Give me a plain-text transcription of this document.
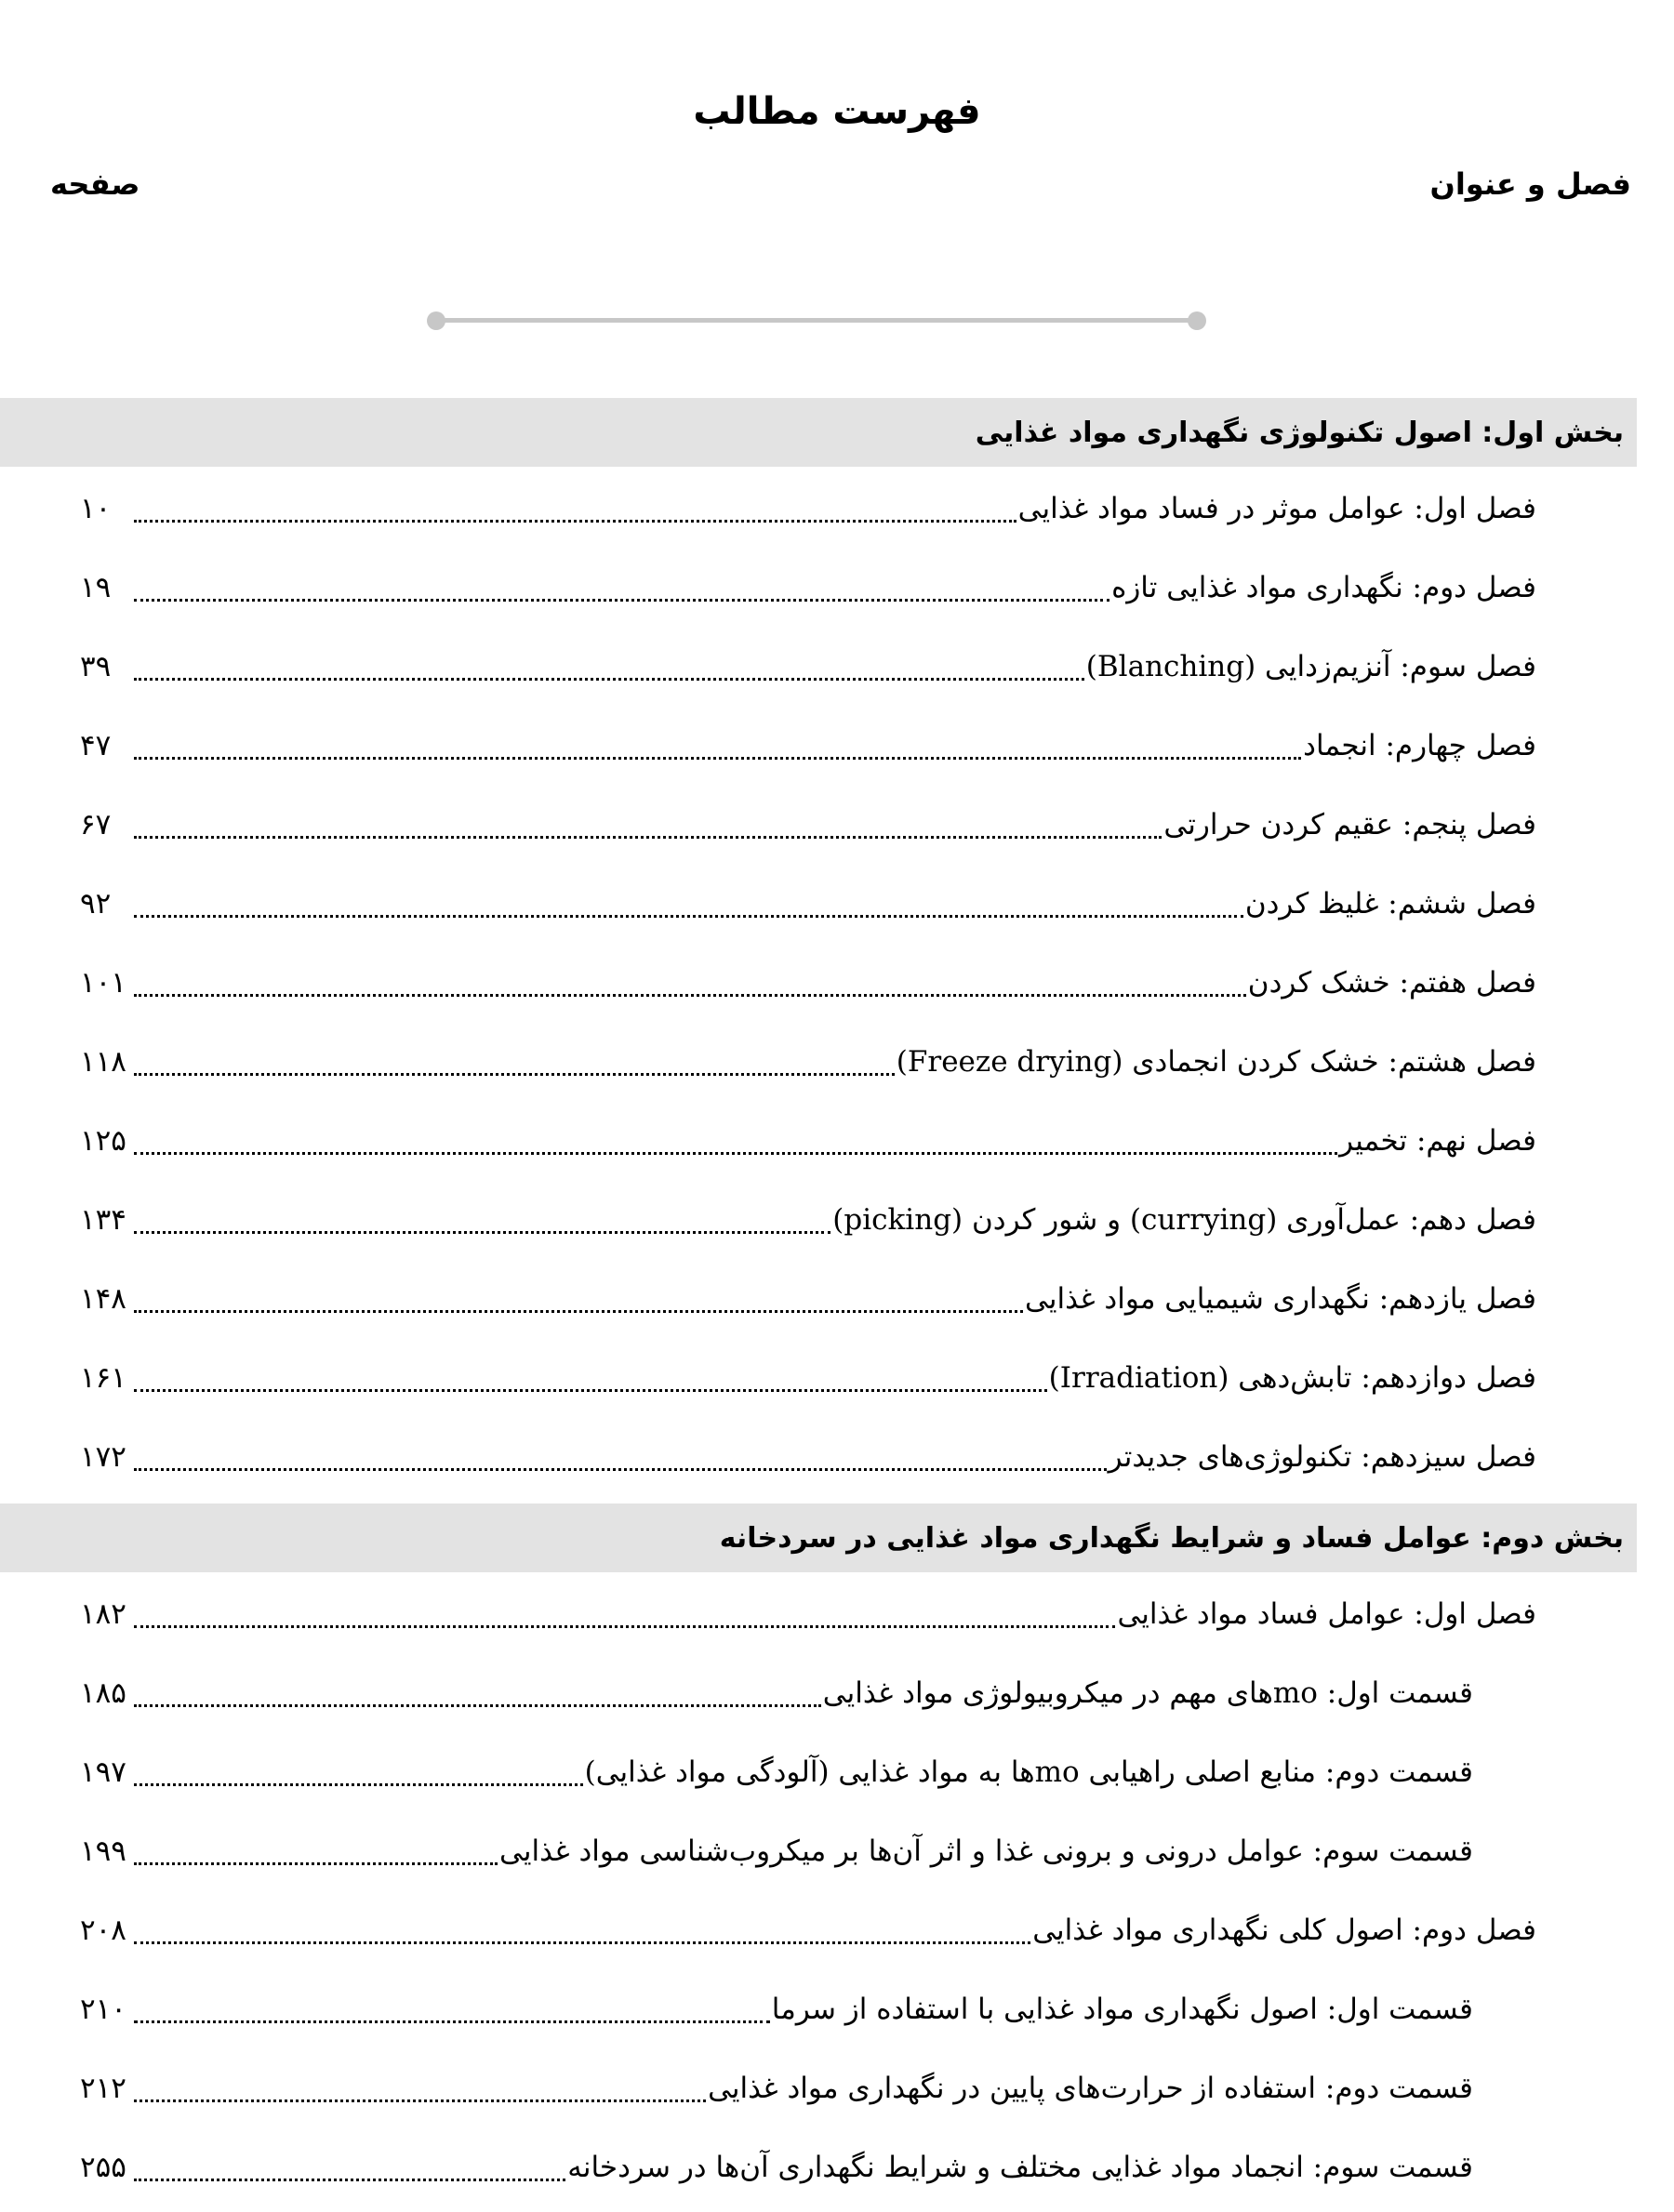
فهرست مطالب
فصل و عنوان
صفحه
بخش اول: اصول تکنولوژی نگهداری مواد غذایی
فصل اول: عوامل موثر در فساد مواد غذایی
۱۰
فصل دوم: نگهداری مواد غذایی تازه
۱۹
فصل سوم: آنزیم‌زدایی (Blanching)
۳۹
فصل چهارم: انجماد
۴۷
فصل پنجم: عقیم کردن حرارتی
۶۷
فصل ششم: غلیظ کردن
۹۲
فصل هفتم: خشک کردن
۱۰۱
فصل هشتم: خشک کردن انجمادی (Freeze drying)
۱۱۸
فصل نهم: تخمیر
۱۲۵
فصل دهم: عمل‌آوری (currying) و شور کردن (picking)
۱۳۴
فصل یازدهم: نگهداری شیمیایی مواد غذایی
۱۴۸
فصل دوازدهم: تابش‌دهی (Irradiation)
۱۶۱
فصل سیزدهم: تکنولوژی‌های جدیدتر
۱۷۲
بخش دوم: عوامل فساد و شرایط نگهداری مواد غذایی در سردخانه
فصل اول: عوامل فساد مواد غذایی
۱۸۲
قسمت اول: moهای مهم در میکروبیولوژی مواد غذایی
۱۸۵
قسمت دوم: منابع اصلی راهیابی moها به مواد غذایی (آلودگی مواد غذایی)
۱۹۷
قسمت سوم: عوامل درونی و برونی غذا و اثر آن‌ها بر میکروب‌شناسی مواد غذایی
۱۹۹
فصل دوم: اصول کلی نگهداری مواد غذایی
۲۰۸
قسمت اول: اصول نگهداری مواد غذایی با استفاده از سرما
۲۱۰
قسمت دوم: استفاده از حرارت‌های پایین در نگهداری مواد غذایی
۲۱۲
قسمت سوم: انجماد مواد غذایی مختلف و شرایط نگهداری آن‌ها در سردخانه
۲۵۵
